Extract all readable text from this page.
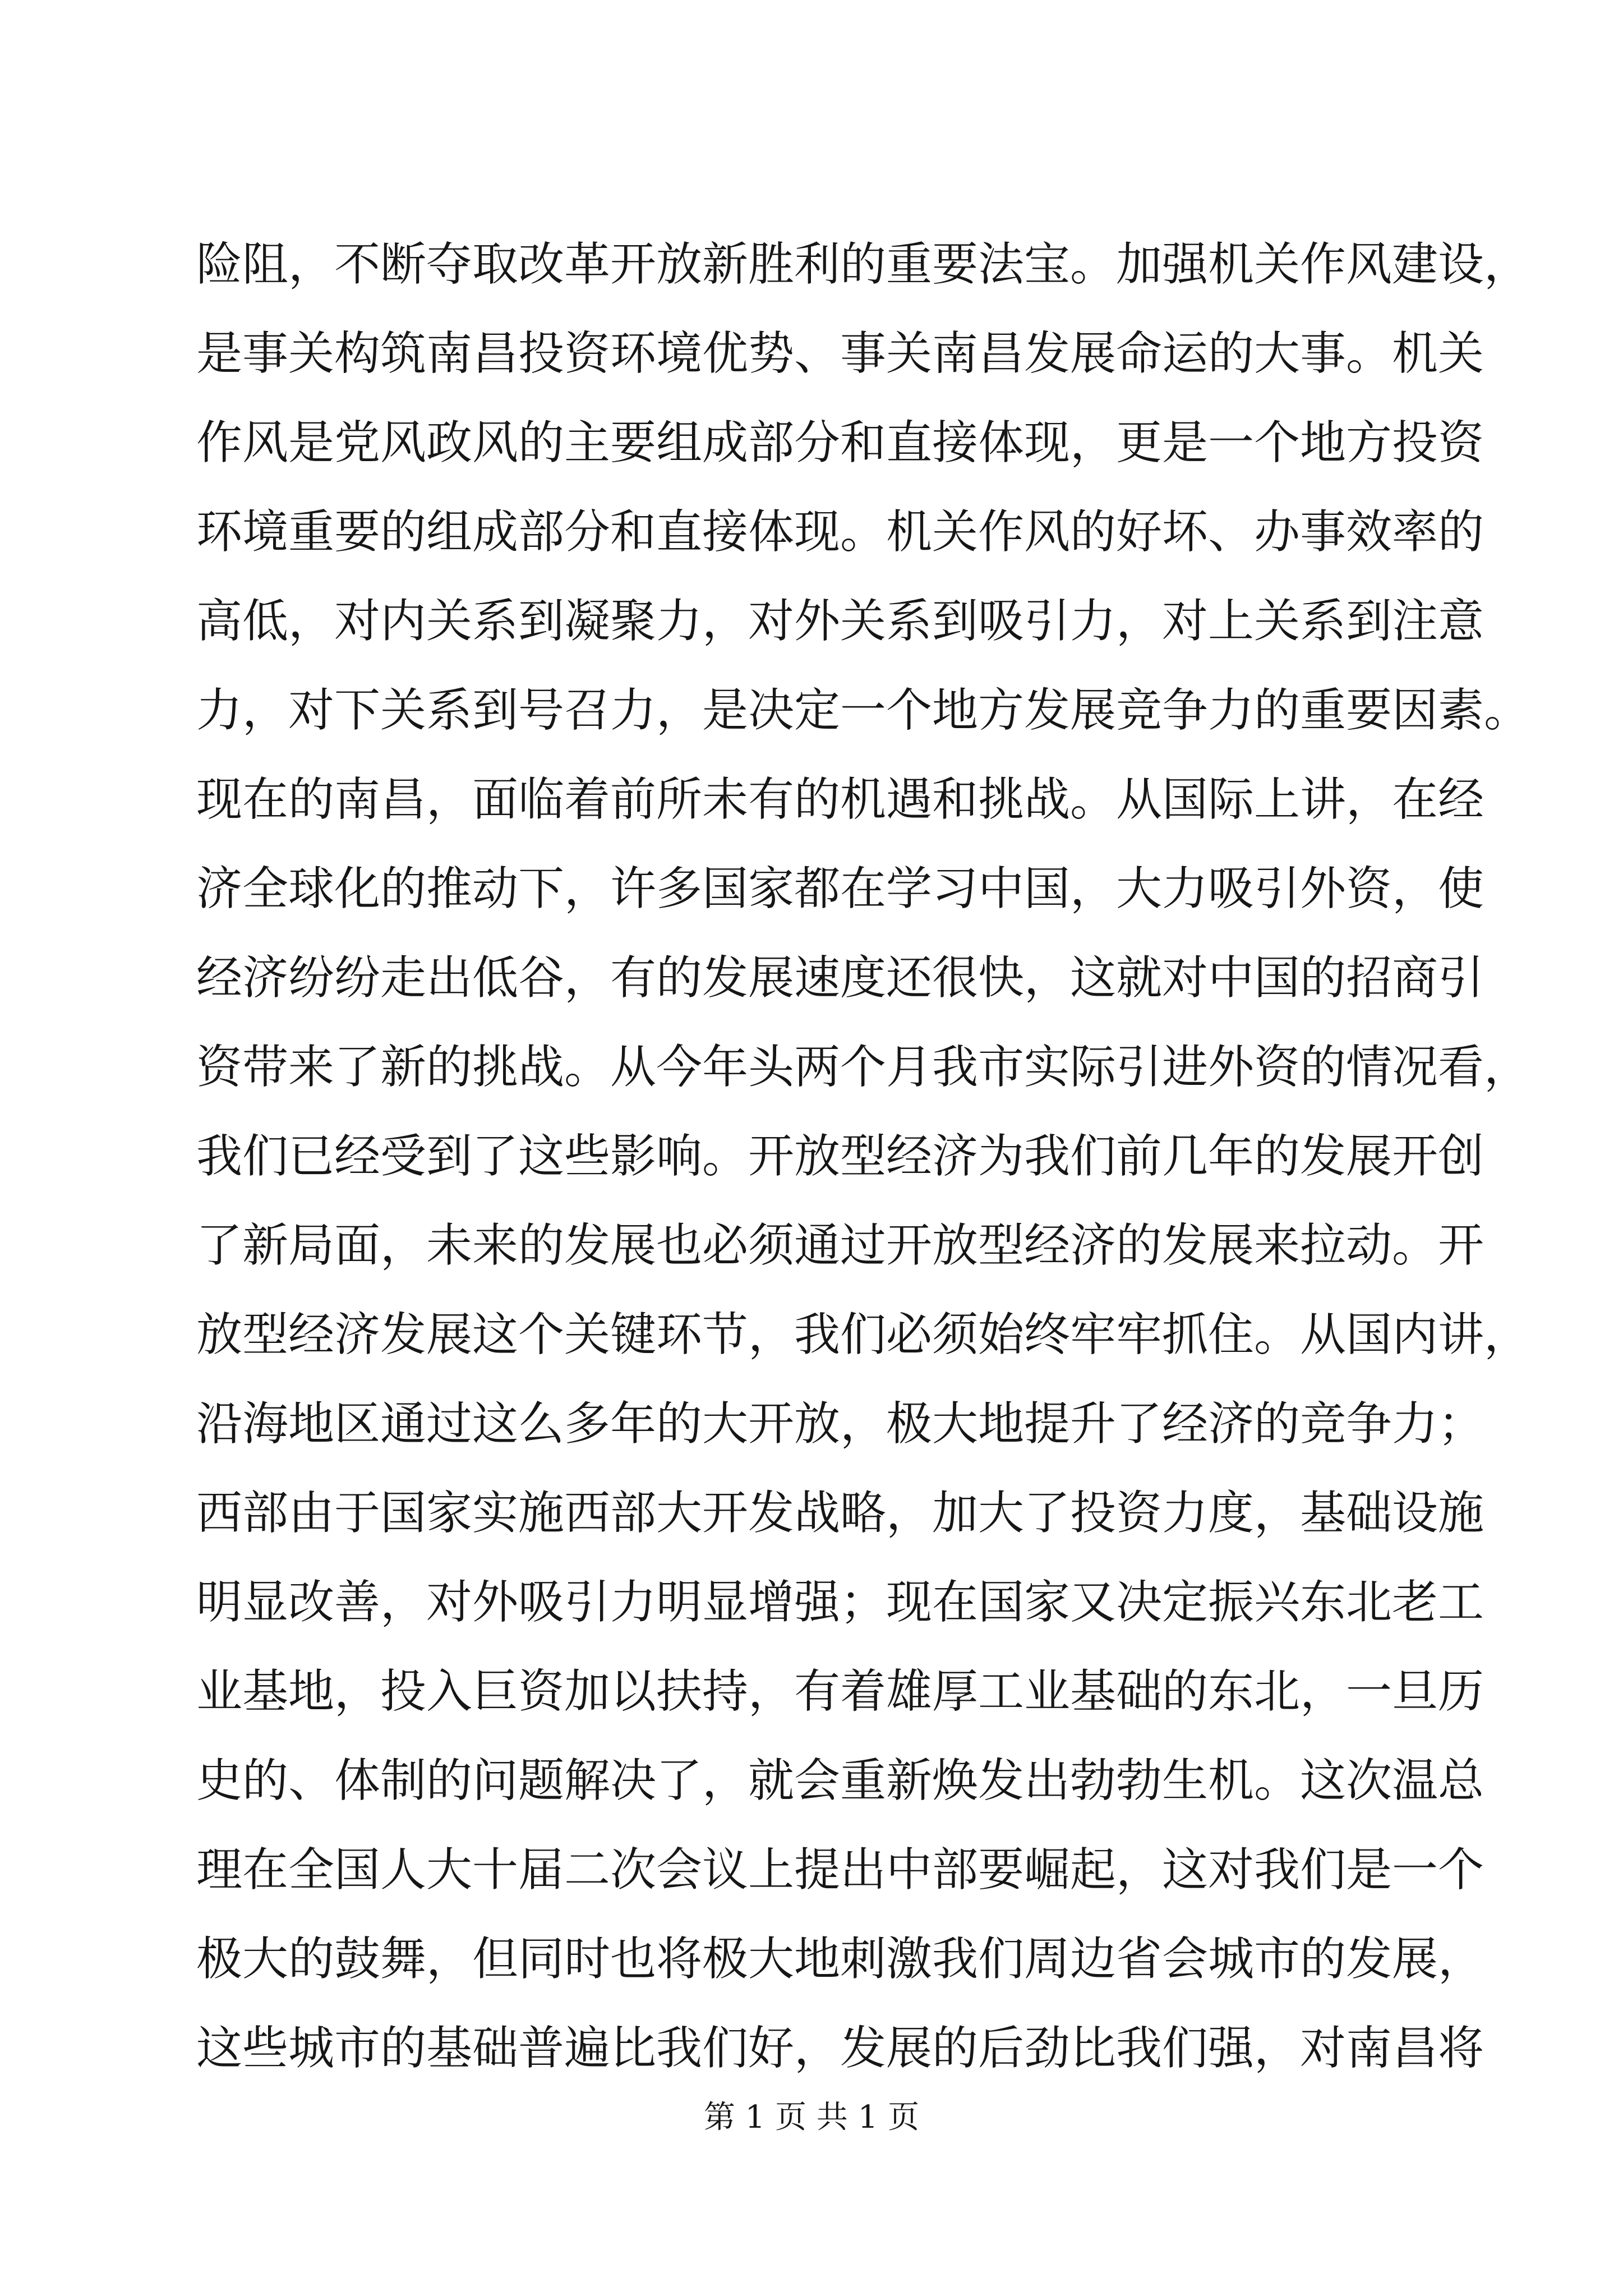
险阻，不断夺取改革开放新胜利的重要法宝。加强机关作风建设，
是事关构筑南昌投资环境优势、事关南昌发展命运的大事。机关
作风是党风政风的主要组成部分和直接体现，更是一个地方投资
环境重要的组成部分和直接体现。机关作风的好坏、办事效率的
高低，对内关系到凝聚力，对外关系到吸引力，对上关系到注意
力，对下关系到号召力，是决定一个地方发展竞争力的重要因素。
现在的南昌，面临着前所未有的机遇和挑战。从国际上讲，在经
济全球化的推动下，许多国家都在学习中国，大力吸引外资，使
经济纷纷走出低谷，有的发展速度还很快，这就对中国的招商引
资带来了新的挑战。从今年头两个月我市实际引进外资的情况看，
我们已经受到了这些影响。开放型经济为我们前几年的发展开创
了新局面，未来的发展也必须通过开放型经济的发展来拉动。开
放型经济发展这个关键环节，我们必须始终牢牢抓住。从国内讲，
沿海地区通过这么多年的大开放，极大地提升了经济的竞争力；
西部由于国家实施西部大开发战略，加大了投资力度，基础设施
明显改善，对外吸引力明显增强；现在国家又决定振兴东北老工
业基地，投入巨资加以扶持，有着雄厚工业基础的东北，一旦历
史的、体制的问题解决了，就会重新焕发出勃勃生机。这次温总
理在全国人大十届二次会议上提出中部要崛起，这对我们是一个
极大的鼓舞，但同时也将极大地刺激我们周边省会城市的发展，
这些城市的基础普遍比我们好，发展的后劲比我们强，对南昌将
第 1 页 共 1 页
